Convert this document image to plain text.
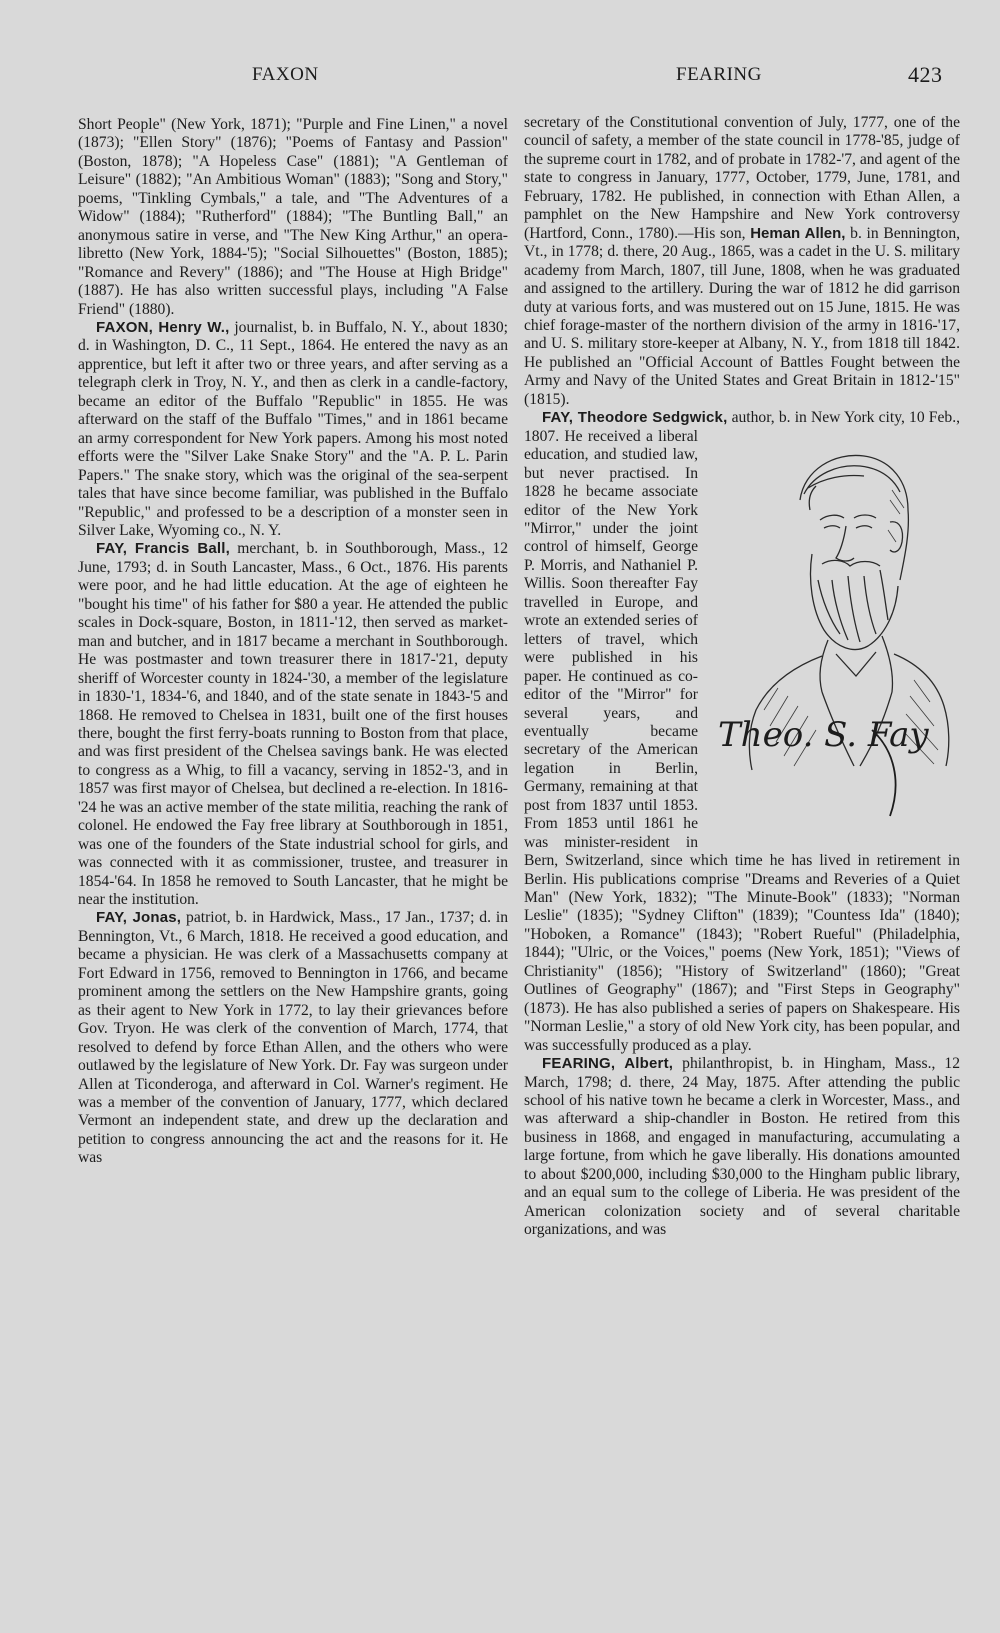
FAXON	FEARING	423

Short People" (New York, 1871); "Purple and Fine Linen," a novel (1873); "Ellen Story" (1876); "Poems of Fantasy and Passion" (Boston, 1878); "A Hopeless Case" (1881); "A Gentleman of Leisure" (1882); "An Ambitious Woman" (1883); "Song and Story," poems, "Tinkling Cymbals," a tale, and "The Adventures of a Widow" (1884); "Rutherford" (1884); "The Buntling Ball," an anonymous satire in verse, and "The New King Arthur," an opera-libretto (New York, 1884-'5); "Social Silhouettes" (Boston, 1885); "Romance and Revery" (1886); and "The House at High Bridge" (1887). He has also written successful plays, including "A False Friend" (1880).

FAXON, Henry W., journalist, b. in Buffalo, N. Y., about 1830; d. in Washington, D. C., 11 Sept., 1864. He entered the navy as an apprentice, but left it after two or three years, and after serving as a telegraph clerk in Troy, N. Y., and then as clerk in a candle-factory, became an editor of the Buffalo "Republic" in 1855. He was afterward on the staff of the Buffalo "Times," and in 1861 became an army correspondent for New York papers. Among his most noted efforts were the "Silver Lake Snake Story" and the "A. P. L. Parin Papers." The snake story, which was the original of the sea-serpent tales that have since become familiar, was published in the Buffalo "Republic," and professed to be a description of a monster seen in Silver Lake, Wyoming co., N. Y.

FAY, Francis Ball, merchant, b. in Southborough, Mass., 12 June, 1793; d. in South Lancaster, Mass., 6 Oct., 1876. His parents were poor, and he had little education. At the age of eighteen he "bought his time" of his father for $80 a year. He attended the public scales in Dock-square, Boston, in 1811-'12, then served as market-man and butcher, and in 1817 became a merchant in Southborough. He was postmaster and town treasurer there in 1817-'21, deputy sheriff of Worcester county in 1824-'30, a member of the legislature in 1830-'1, 1834-'6, and 1840, and of the state senate in 1843-'5 and 1868. He removed to Chelsea in 1831, built one of the first houses there, bought the first ferry-boats running to Boston from that place, and was first president of the Chelsea savings bank. He was elected to congress as a Whig, to fill a vacancy, serving in 1852-'3, and in 1857 was first mayor of Chelsea, but declined a re-election. In 1816-'24 he was an active member of the state militia, reaching the rank of colonel. He endowed the Fay free library at Southborough in 1851, was one of the founders of the State industrial school for girls, and was connected with it as commissioner, trustee, and treasurer in 1854-'64. In 1858 he removed to South Lancaster, that he might be near the institution.

FAY, Jonas, patriot, b. in Hardwick, Mass., 17 Jan., 1737; d. in Bennington, Vt., 6 March, 1818. He received a good education, and became a physician. He was clerk of a Massachusetts company at Fort Edward in 1756, removed to Bennington in 1766, and became prominent among the settlers on the New Hampshire grants, going as their agent to New York in 1772, to lay their grievances before Gov. Tryon. He was clerk of the convention of March, 1774, that resolved to defend by force Ethan Allen, and the others who were outlawed by the legislature of New York. Dr. Fay was surgeon under Allen at Ticonderoga, and afterward in Col. Warner's regiment. He was a member of the convention of January, 1777, which declared Vermont an independent state, and drew up the declaration and petition to congress announcing the act and the reasons for it. He was

secretary of the Constitutional convention of July, 1777, one of the council of safety, a member of the state council in 1778-'85, judge of the supreme court in 1782, and of probate in 1782-'7, and agent of the state to congress in January, 1777, October, 1779, June, 1781, and February, 1782. He published, in connection with Ethan Allen, a pamphlet on the New Hampshire and New York controversy (Hartford, Conn., 1780).—His son, Heman Allen, b. in Bennington, Vt., in 1778; d. there, 20 Aug., 1865, was a cadet in the U. S. military academy from March, 1807, till June, 1808, when he was graduated and assigned to the artillery. During the war of 1812 he did garrison duty at various forts, and was mustered out on 15 June, 1815. He was chief forage-master of the northern division of the army in 1816-'17, and U. S. military store-keeper at Albany, N. Y., from 1818 till 1842. He published an "Official Account of Battles Fought between the Army and Navy of the United States and Great Britain in 1812-'15" (1815).

FAY, Theodore Sedgwick,
Theo. S. Fay
author, b. in New York city, 10 Feb., 1807. He received a liberal education, and studied law, but never practised. In 1828 he became associate editor of the New York "Mirror," under the joint control of himself, George P. Morris, and Nathaniel P. Willis. Soon thereafter Fay travelled in Europe, and wrote an extended series of letters of travel, which were published in his paper. He continued as co-editor of the "Mirror" for several years, and eventually became secretary of the American legation in Berlin, Germany, remaining at that post from 1837 until 1853. From 1853 until 1861 he was minister-resident in Bern, Switzerland, since which time he has lived in retirement in Berlin. His publications comprise "Dreams and Reveries of a Quiet Man" (New York, 1832); "The Minute-Book" (1833); "Norman Leslie" (1835); "Sydney Clifton" (1839); "Countess Ida" (1840); "Hoboken, a Romance" (1843); "Robert Rueful" (Philadelphia, 1844); "Ulric, or the Voices," poems (New York, 1851); "Views of Christianity" (1856); "History of Switzerland" (1860); "Great Outlines of Geography" (1867); and "First Steps in Geography" (1873). He has also published a series of papers on Shakespeare. His "Norman Leslie," a story of old New York city, has been popular, and was successfully produced as a play.

FEARING, Albert, philanthropist, b. in Hingham, Mass., 12 March, 1798; d. there, 24 May, 1875. After attending the public school of his native town he became a clerk in Worcester, Mass., and was afterward a ship-chandler in Boston. He retired from this business in 1868, and engaged in manufacturing, accumulating a large fortune, from which he gave liberally. His donations amounted to about $200,000, including $30,000 to the Hingham public library, and an equal sum to the college of Liberia. He was president of the American colonization society and of several charitable organizations, and was
